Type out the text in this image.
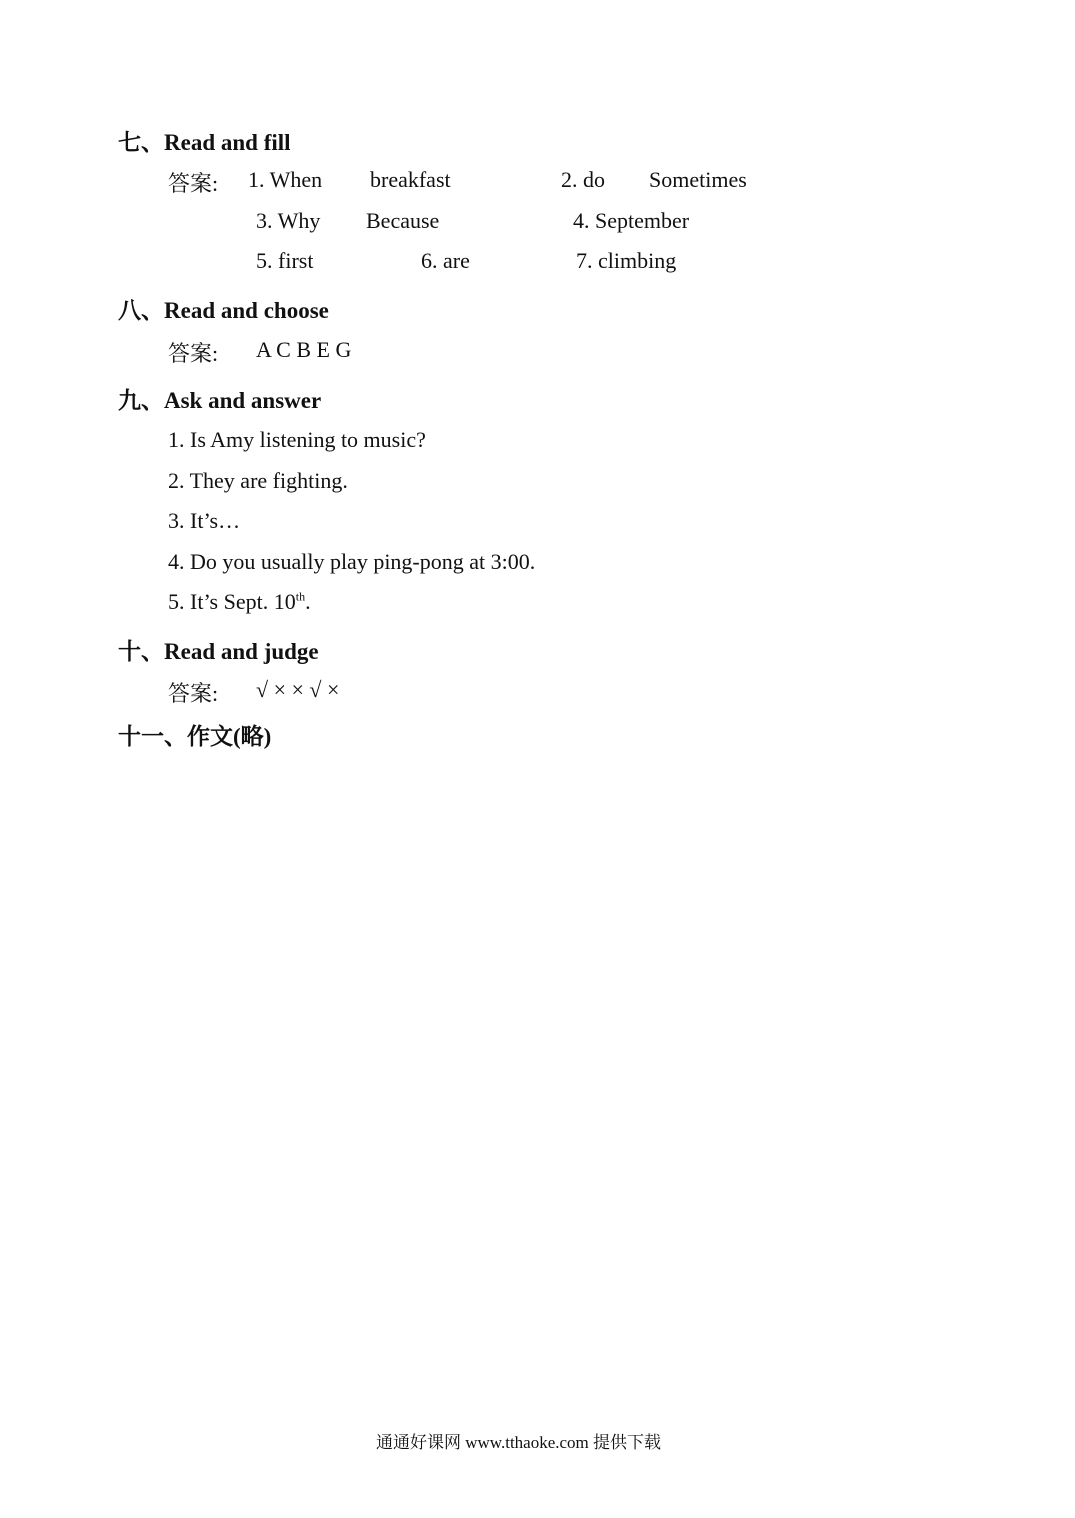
七、Read and fill
答案: 1. When breakfast	2. do Sometimes
3. Why Because	4. September
5. first	6. are	7. climbing
八、Read and choose
答案: A C B E G
九、Ask and answer
1. Is Amy listening to music?
2. They are fighting.
3. It’s…
4. Do you usually play ping-pong at 3:00.
5. It’s Sept. 10th.
十、Read and judge
答案: √ × × √ ×
十一、作文(略)
通通好课网 www.tthaoke.com 提供下载
